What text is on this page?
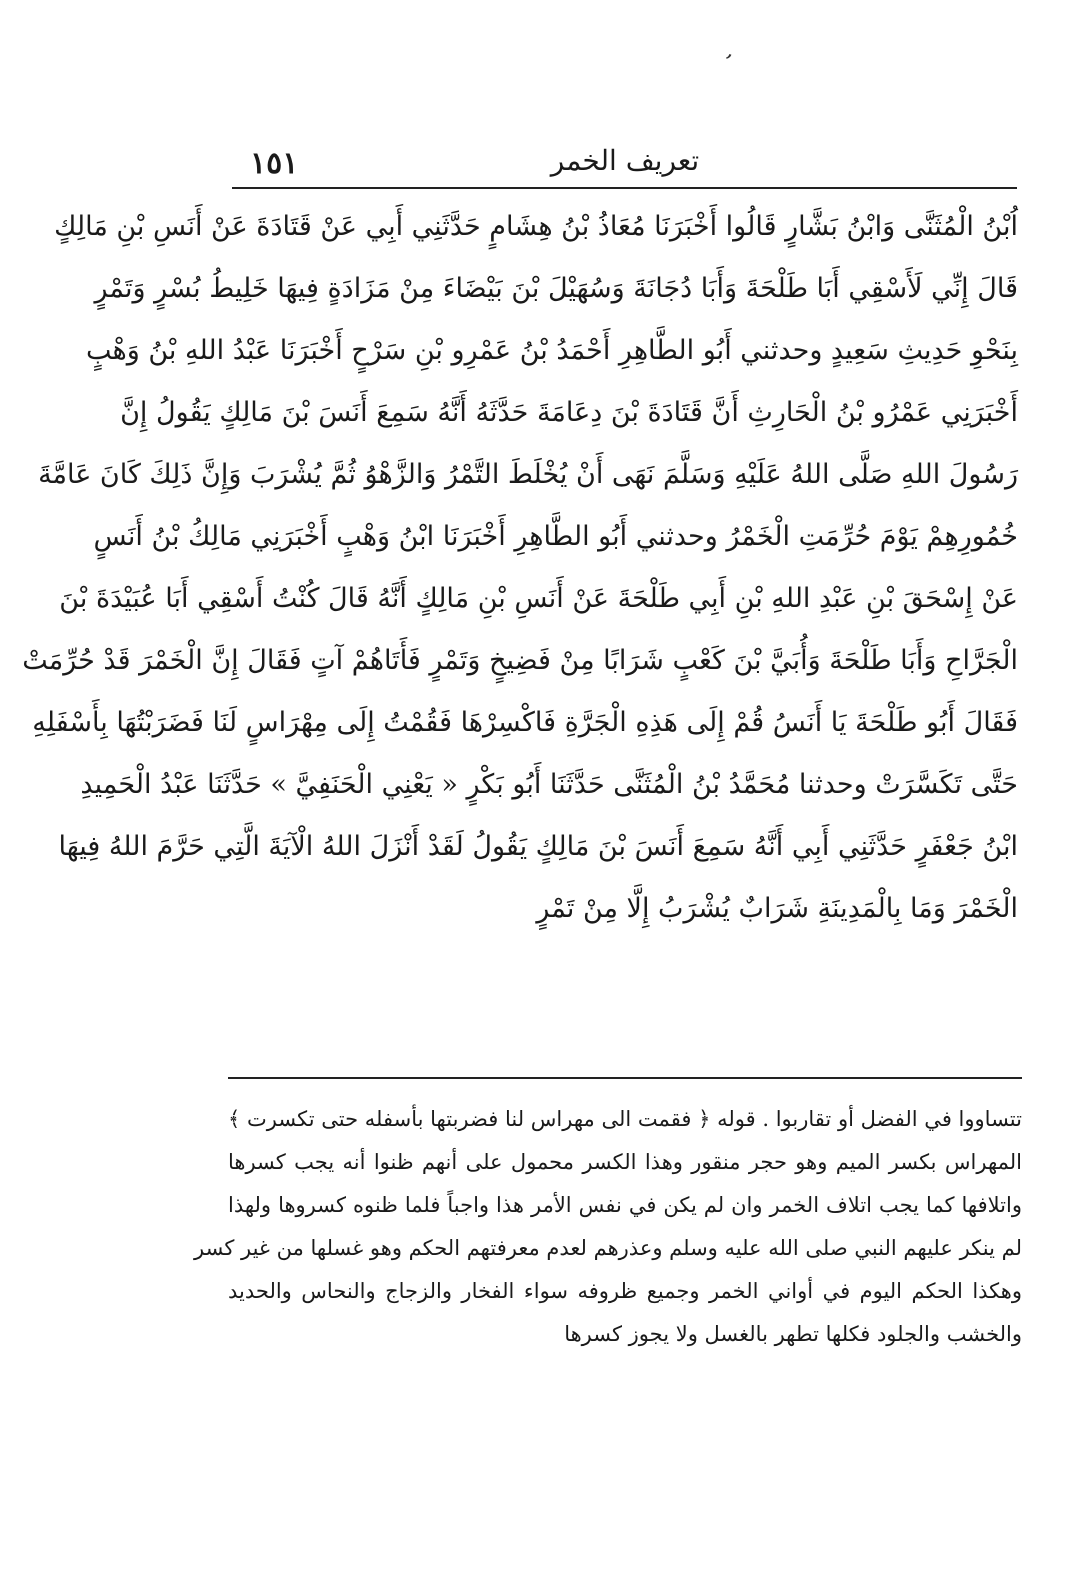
,
١٥١	تعريف الخمر
اُبْنُ الْمُثَنَّى وَابْنُ بَشَّارٍ قَالُوا أَخْبَرَنَا مُعَاذُ بْنُ هِشَامٍ حَدَّثَنِي أَبِي عَنْ قَتَادَةَ عَنْ أَنَسِ بْنِ مَالِكٍ
قَالَ إِنِّي لَأَسْقِي أَبَا طَلْحَةَ وَأَبَا دُجَانَةَ وَسُهَيْلَ بْنَ بَيْضَاءَ مِنْ مَزَادَةٍ فِيهَا خَلِيطُ بُسْرٍ وَتَمْرٍ
بِنَحْوِ حَدِيثِ سَعِيدٍ وحدثني أَبُو الطَّاهِرِ أَحْمَدُ بْنُ عَمْرِو بْنِ سَرْحٍ أَخْبَرَنَا عَبْدُ اللهِ بْنُ وَهْبٍ
أَخْبَرَنِي عَمْرُو بْنُ الْحَارِثِ أَنَّ قَتَادَةَ بْنَ دِعَامَةَ حَدَّثَهُ أَنَّهُ سَمِعَ أَنَسَ بْنَ مَالِكٍ يَقُولُ إِنَّ
رَسُولَ اللهِ صَلَّى اللهُ عَلَيْهِ وَسَلَّمَ نَهَى أَنْ يُخْلَطَ التَّمْرُ وَالزَّهْوُ ثُمَّ يُشْرَبَ وَإِنَّ ذَلِكَ كَانَ عَامَّةَ
خُمُورِهِمْ يَوْمَ حُرِّمَتِ الْخَمْرُ وحدثني أَبُو الطَّاهِرِ أَخْبَرَنَا ابْنُ وَهْبٍ أَخْبَرَنِي مَالِكُ بْنُ أَنَسٍ
عَنْ إِسْحَقَ بْنِ عَبْدِ اللهِ بْنِ أَبِي طَلْحَةَ عَنْ أَنَسِ بْنِ مَالِكٍ أَنَّهُ قَالَ كُنْتُ أَسْقِي أَبَا عُبَيْدَةَ بْنَ
الْجَرَّاحِ وَأَبَا طَلْحَةَ وَأُبَيَّ بْنَ كَعْبٍ شَرَابًا مِنْ فَضِيخٍ وَتَمْرٍ فَأَتَاهُمْ آتٍ فَقَالَ إِنَّ الْخَمْرَ قَدْ حُرِّمَتْ
فَقَالَ أَبُو طَلْحَةَ يَا أَنَسُ قُمْ إِلَى هَذِهِ الْجَرَّةِ فَاكْسِرْهَا فَقُمْتُ إِلَى مِهْرَاسٍ لَنَا فَضَرَبْتُهَا بِأَسْفَلِهِ
حَتَّى تَكَسَّرَتْ وحدثنا مُحَمَّدُ بْنُ الْمُثَنَّى حَدَّثَنَا أَبُو بَكْرٍ « يَعْنِي الْحَنَفِيَّ » حَدَّثَنَا عَبْدُ الْحَمِيدِ
ابْنُ جَعْفَرٍ حَدَّثَنِي أَبِي أَنَّهُ سَمِعَ أَنَسَ بْنَ مَالِكٍ يَقُولُ لَقَدْ أَنْزَلَ اللهُ الْآيَةَ الَّتِي حَرَّمَ اللهُ فِيهَا
الْخَمْرَ وَمَا بِالْمَدِينَةِ شَرَابٌ يُشْرَبُ إِلَّا مِنْ تَمْرٍ
تتساووا في الفضل أو تقاربوا . قوله ﴿ فقمت الى مهراس لنا فضربتها بأسفله حتى تكسرت ﴾
المهراس بكسر الميم وهو حجر منقور وهذا الكسر محمول على أنهم ظنوا أنه يجب كسرها
واتلافها كما يجب اتلاف الخمر وان لم يكن في نفس الأمر هذا واجباً فلما ظنوه كسروها ولهذا
لم ينكر عليهم النبي صلى الله عليه وسلم وعذرهم لعدم معرفتهم الحكم وهو غسلها من غير كسر
وهكذا الحكم اليوم في أواني الخمر وجميع ظروفه سواء الفخار والزجاج والنحاس والحديد
والخشب والجلود فكلها تطهر بالغسل ولا يجوز كسرها
